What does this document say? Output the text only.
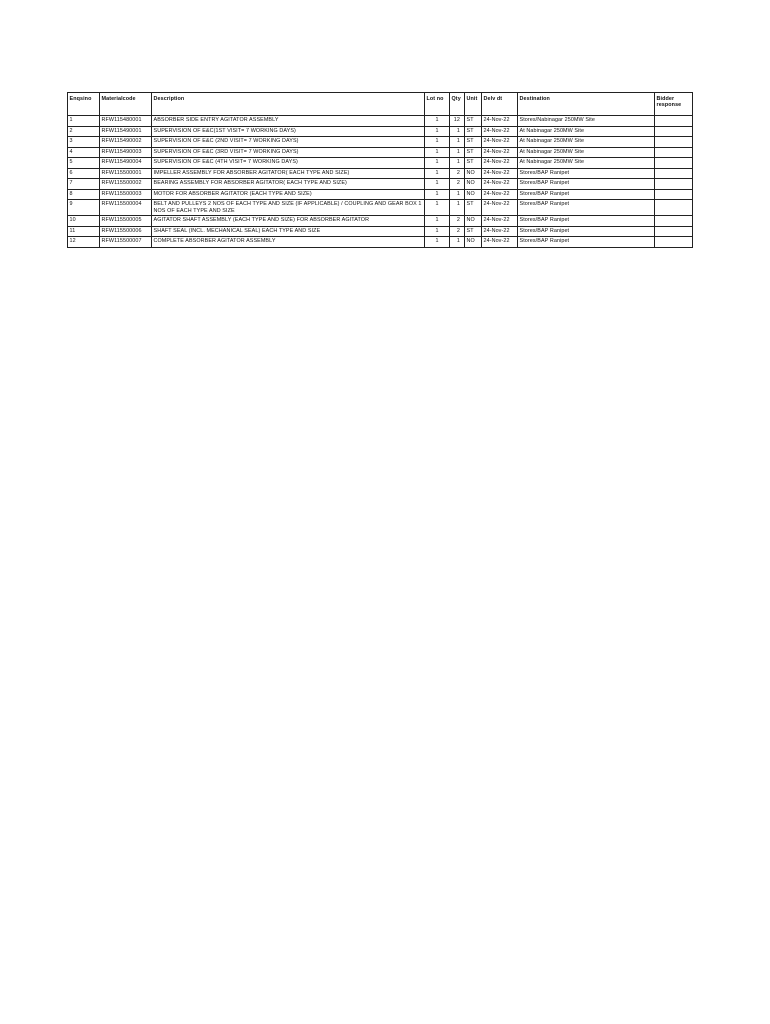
Enqsino	Materialcode	Description	Lot no	Qty	Unit	Delv dt	Destination	Bidder response
1	RFW115480001	ABSORBER SIDE ENTRY AGITATOR ASSEMBLY	1	12	ST	24-Nov-22	Stores/Nabinagar 250MW Site	
2	RFW115490001	SUPERVISION OF E&C(1ST VISIT= 7 WORKING DAYS)	1	1	ST	24-Nov-22	At Nabinagar 250MW Site	
3	RFW115490002	SUPERVISION OF E&C (2ND VISIT= 7 WORKING DAYS)	1	1	ST	24-Nov-22	At Nabinagar 250MW Site	
4	RFW115490003	SUPERVISION OF E&C (3RD VISIT= 7 WORKING DAYS)	1	1	ST	24-Nov-22	At Nabinagar 250MW Site	
5	RFW115490004	SUPERVISION OF E&C (4TH VISIT= 7 WORKING DAYS)	1	1	ST	24-Nov-22	At Nabinagar 250MW Site	
6	RFW115500001	IMPELLER ASSEMBLY FOR ABSORBER AGITATOR( EACH TYPE AND SIZE)	1	2	NO	24-Nov-22	Stores/BAP Ranipet	
7	RFW115500002	BEARING ASSEMBLY FOR ABSORBER AGITATOR( EACH TYPE AND SIZE)	1	2	NO	24-Nov-22	Stores/BAP Ranipet	
8	RFW115500003	MOTOR FOR ABSORBER AGITATOR (EACH TYPE AND SIZE)	1	1	NO	24-Nov-22	Stores/BAP Ranipet	
9	RFW115500004	BELT AND PULLEYS 2 NOS OF EACH TYPE AND SIZE (IF APPLICABLE) / COUPLING AND GEAR BOX 1 NOS OF EACH TYPE AND SIZE	1	1	ST	24-Nov-22	Stores/BAP Ranipet	
10	RFW115500005	AGITATOR SHAFT ASSEMBLY (EACH TYPE AND SIZE) FOR ABSORBER AGITATOR	1	2	NO	24-Nov-22	Stores/BAP Ranipet	
11	RFW115500006	SHAFT SEAL (INCL. MECHANICAL SEAL) EACH TYPE AND SIZE	1	2	ST	24-Nov-22	Stores/BAP Ranipet	
12	RFW115500007	COMPLETE ABSORBER AGITATOR ASSEMBLY	1	1	NO	24-Nov-22	Stores/BAP Ranipet	
